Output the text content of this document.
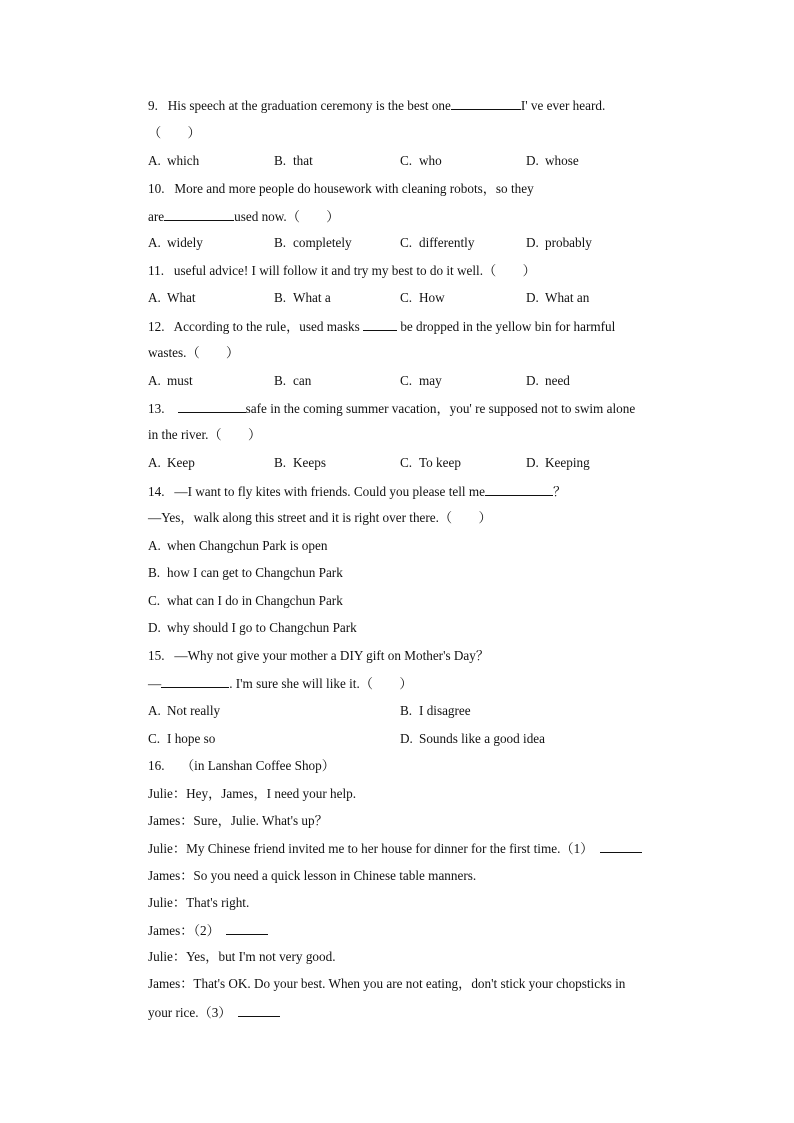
9. His speech at the graduation ceremony is the best one	I' ve ever heard.
（　　）
A. which	B. that	C. who	D. whose
10. More and more people do housework with cleaning robots，so they
are	used now.（　　）
A. widely	B. completely	C. differently	D. probably
11. useful advice! I will follow it and try my best to do it well.（　　）
A. What	B. What a	C. How	D. What an
12. According to the rule，used masks	be dropped in the yellow bin for harmful
wastes.（　　）
A. must	B. can	C. may	D. need
13.	safe in the coming summer vacation，you' re supposed not to swim alone
in the river.（　　）
A. Keep	B. Keeps	C. To keep	D. Keeping
14. —I want to fly kites with friends. Could you please tell me	？
—Yes，walk along this street and it is right over there.（　　）
A. when Changchun Park is open
B. how I can get to Changchun Park
C. what can I do in Changchun Park
D. why should I go to Changchun Park
15. —Why not give your mother a DIY gift on Mother's Day？
—	. I'm sure she will like it.（　　）
A. Not really	B. I disagree
C. I hope so	D. Sounds like a good idea
16. （in Lanshan Coffee Shop）
Julie：Hey，James，I need your help.
James：Sure，Julie. What's up？
Julie：My Chinese friend invited me to her house for dinner for the first time.（1）
James：So you need a quick lesson in Chinese table manners.
Julie：That's right.
James：（2）
Julie：Yes，but I'm not very good.
James：That's OK. Do your best. When you are not eating，don't stick your chopsticks in
your rice.（3）
